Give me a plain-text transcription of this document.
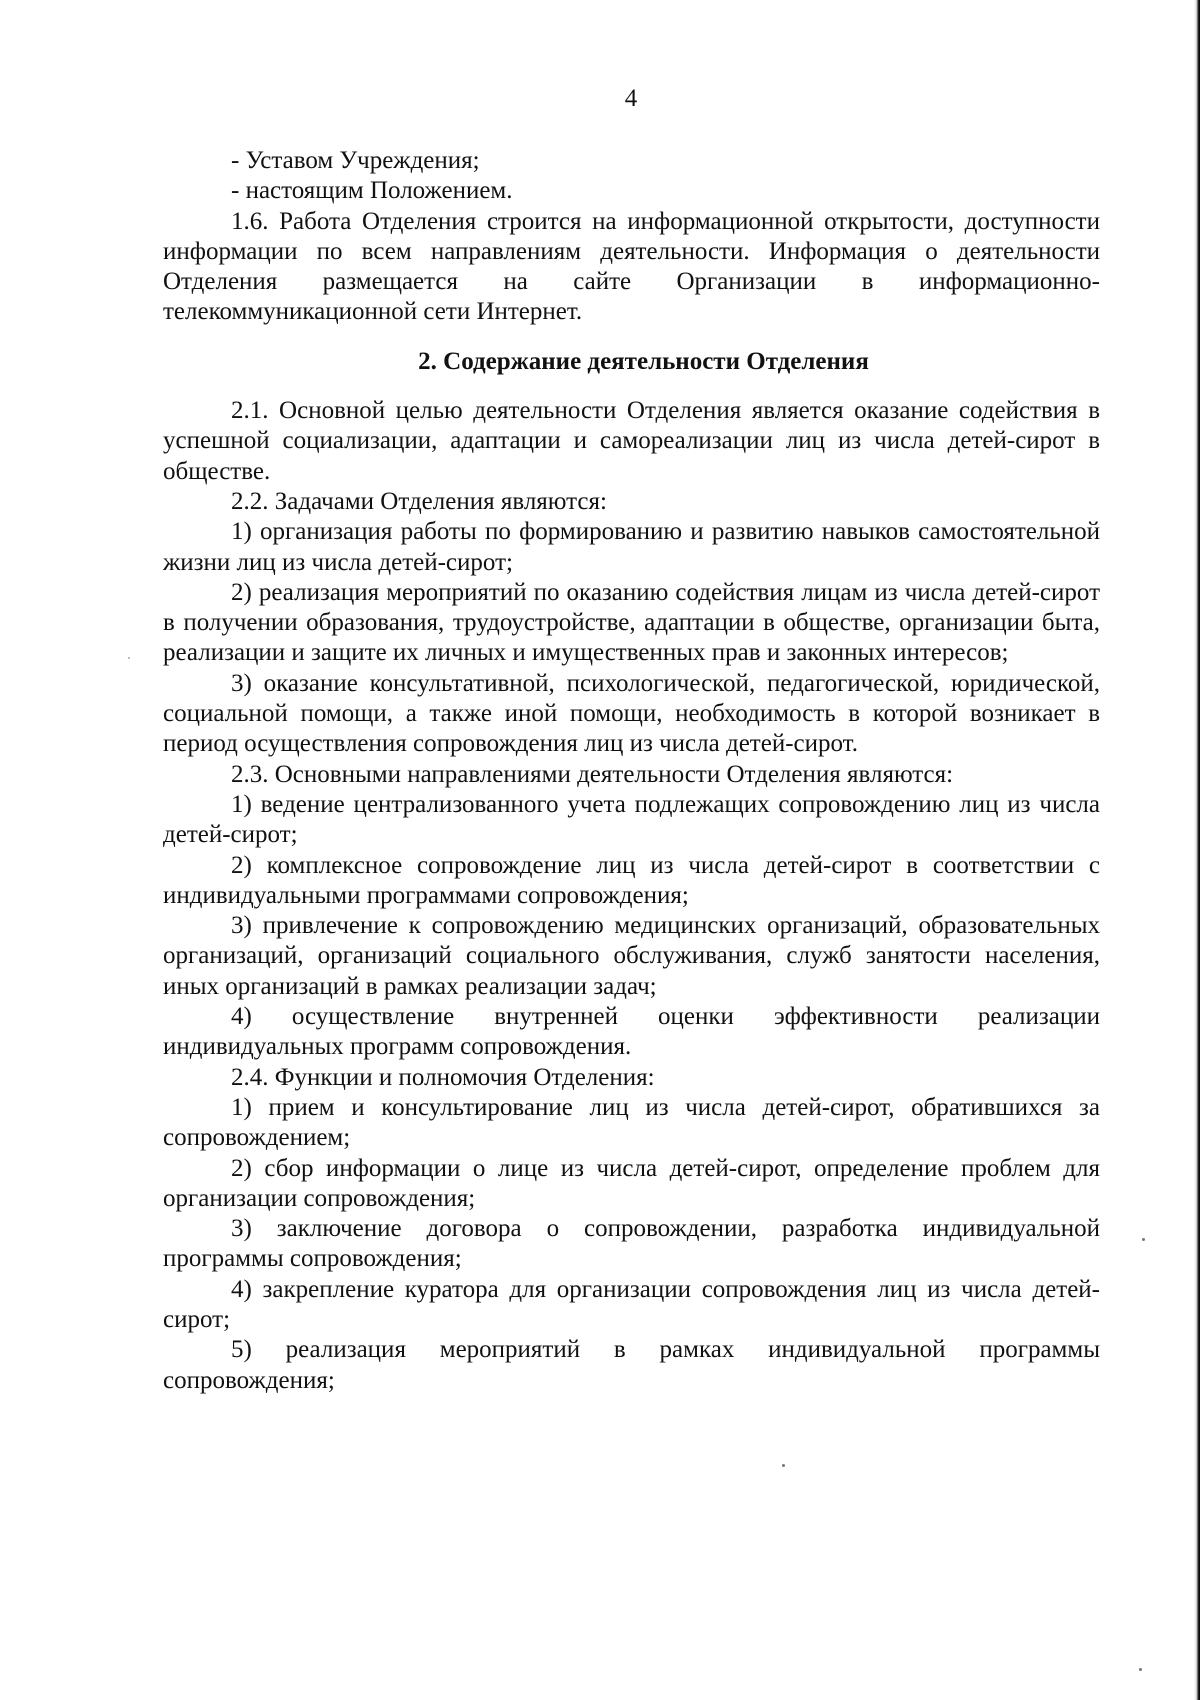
4

- Уставом Учреждения;

- настоящим Положением.

1.6. Работа Отделения строится на информационной открытости, доступности информации по всем направлениям деятельности. Информация о деятельности Отделения размещается на сайте Организации в информационно-телекоммуникационной сети Интернет.

2. Содержание деятельности Отделения

2.1. Основной целью деятельности Отделения является оказание содействия в успешной социализации, адаптации и самореализации лиц из числа детей-сирот в обществе.

2.2. Задачами Отделения являются:

1) организация работы по формированию и развитию навыков самостоятельной жизни лиц из числа детей-сирот;

2) реализация мероприятий по оказанию содействия лицам из числа детей-сирот в получении образования, трудоустройстве, адаптации в обществе, организации быта, реализации и защите их личных и имущественных прав и законных интересов;

3) оказание консультативной, психологической, педагогической, юридической, социальной помощи, а также иной помощи, необходимость в которой возникает в период осуществления сопровождения лиц из числа детей-сирот.

2.3. Основными направлениями деятельности Отделения являются:

1) ведение централизованного учета подлежащих сопровождению лиц из числа детей-сирот;

2) комплексное сопровождение лиц из числа детей-сирот в соответствии с индивидуальными программами сопровождения;

3) привлечение к сопровождению медицинских организаций, образовательных организаций, организаций социального обслуживания, служб занятости населения, иных организаций в рамках реализации задач;

4) осуществление внутренней оценки эффективности реализации индивидуальных программ сопровождения.

2.4. Функции и полномочия Отделения:

1) прием и консультирование лиц из числа детей-сирот, обратившихся за сопровождением;

2) сбор информации о лице из числа детей-сирот, определение проблем для организации сопровождения;

3) заключение договора о сопровождении, разработка индивидуальной программы сопровождения;

4) закрепление куратора для организации сопровождения лиц из числа детей-сирот;

5) реализация мероприятий в рамках индивидуальной программы сопровождения;
